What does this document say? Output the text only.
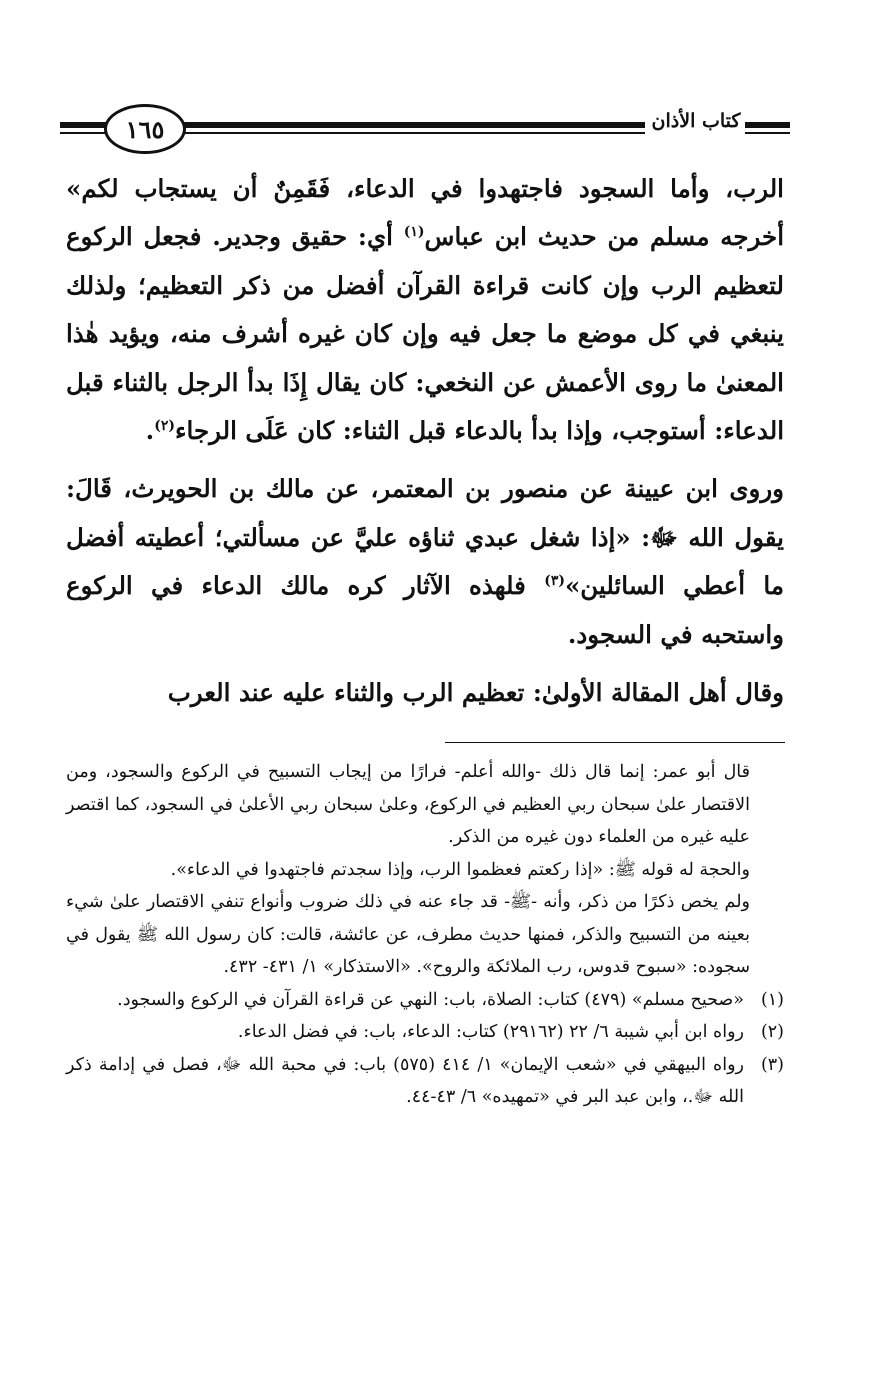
١٦٥	كتاب الأذان

الرب، وأما السجود فاجتهدوا في الدعاء، فَقَمِنٌ أن يستجاب لكم» أخرجه مسلم من حديث ابن عباس$^{(١)}$ أي: حقيق وجدير. فجعل الركوع لتعظيم الرب وإن كانت قراءة القرآن أفضل من ذكر التعظيم؛ ولذلك ينبغي في كل موضع ما جعل فيه وإن كان غيره أشرف منه، ويؤيد هٰذا المعنىٰ ما روى الأعمش عن النخعي: كان يقال إِذَا بدأ الرجل بالثناء قبل الدعاء: أستوجب، وإذا بدأ بالدعاء قبل الثناء: كان عَلَى الرجاء$^{(٢)}$.

وروى ابن عيينة عن منصور بن المعتمر، عن مالك بن الحويرث، قَالَ: يقول الله ﷻ: «إذا شغل عبدي ثناؤه عليَّ عن مسألتي؛ أعطيته أفضل ما أعطي السائلين»$^{(٣)}$ فلهذه الآثار كره مالك الدعاء في الركوع واستحبه في السجود.

وقال أهل المقالة الأولىٰ: تعظيم الرب والثناء عليه عند العرب

قال أبو عمر: إنما قال ذلك -والله أعلم- فرارًا من إيجاب التسبيح في الركوع والسجود، ومن الاقتصار علىٰ سبحان ربي العظيم في الركوع، وعلىٰ سبحان ربي الأعلىٰ في السجود، كما اقتصر عليه غيره من العلماء دون غيره من الذكر.

والحجة له قوله ﷺ: «إذا ركعتم فعظموا الرب، وإذا سجدتم فاجتهدوا في الدعاء».

ولم يخص ذكرًا من ذكر، وأنه -ﷺ- قد جاء عنه في ذلك ضروب وأنواع تنفي الاقتصار علىٰ شيء بعينه من التسبيح والذكر، فمنها حديث مطرف، عن عائشة، قالت: كان رسول الله ﷺ يقول في سجوده: «سبوح قدوس، رب الملائكة والروح». «الاستذكار» ١/ ٤٣١- ٤٣٢.

(١)
«صحيح مسلم» (٤٧٩) كتاب: الصلاة، باب: النهي عن قراءة القرآن في الركوع والسجود.
(٢)
رواه ابن أبي شيبة ٦/ ٢٢ (٢٩١٦٢) كتاب: الدعاء، باب: في فضل الدعاء.
(٣)
رواه البيهقي في «شعب الإيمان» ١/ ٤١٤ (٥٧٥) باب: في محبة الله ﷻ، فصل في إدامة ذكر الله ﷻ.، وابن عبد البر في «تمهيده» ٦/ ٤٣-٤٤.
